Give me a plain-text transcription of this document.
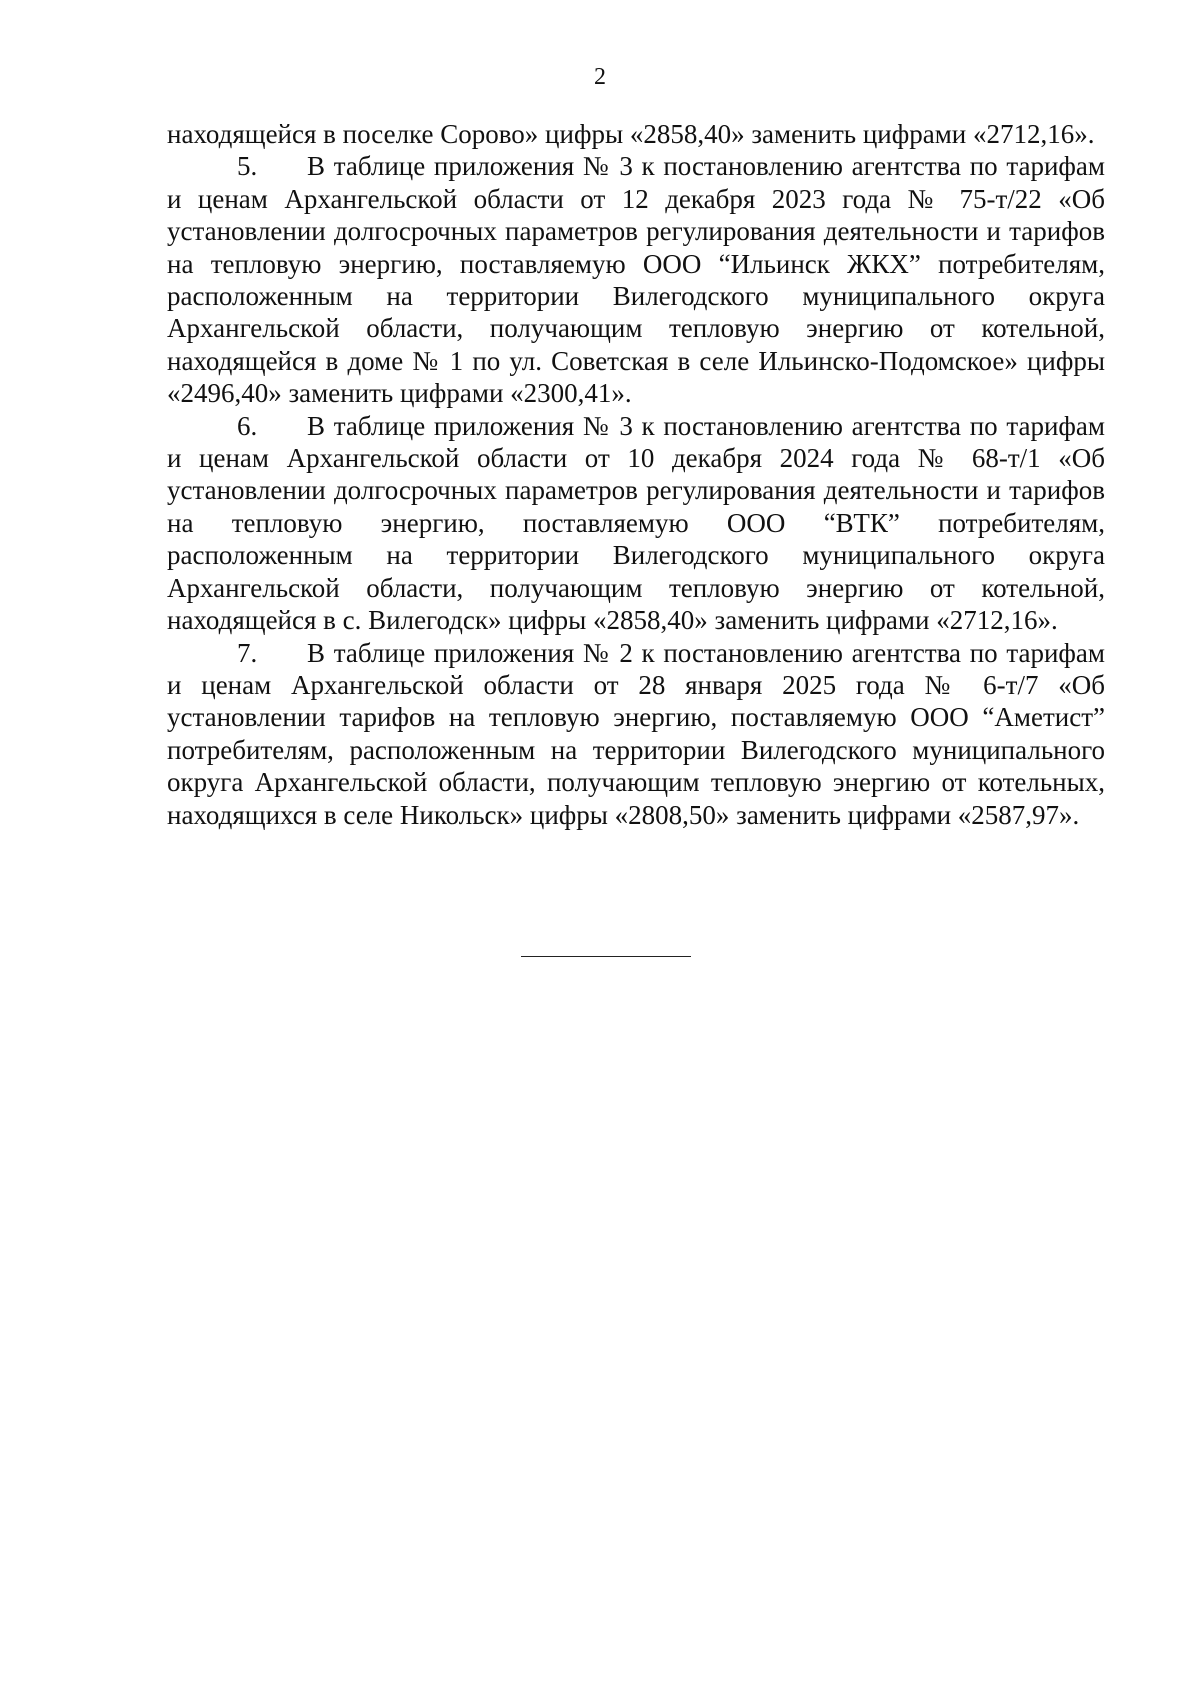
2

находящейся в поселке Сорово» цифры «2858,40» заменить цифрами «2712,16».

5. В таблице приложения № 3 к постановлению агентства по тарифам и ценам Архангельской области от 12 декабря 2023 года № 75-т/22 «Об установлении долгосрочных параметров регулирования деятельности и тарифов на тепловую энергию, поставляемую ООО “Ильинск ЖКХ” потребителям, расположенным на территории Вилегодского муниципального округа Архангельской области, получающим тепловую энергию от котельной, находящейся в доме № 1 по ул. Советская в селе Ильинско-Подомское» цифры «2496,40» заменить цифрами «2300,41».

6. В таблице приложения № 3 к постановлению агентства по тарифам и ценам Архангельской области от 10 декабря 2024 года № 68-т/1 «Об установлении долгосрочных параметров регулирования деятельности и тарифов на тепловую энергию, поставляемую ООО “ВТК” потребителям, расположенным на территории Вилегодского муниципального округа Архангельской области, получающим тепловую энергию от котельной, находящейся в с. Вилегодск» цифры «2858,40» заменить цифрами «2712,16».

7. В таблице приложения № 2 к постановлению агентства по тарифам и ценам Архангельской области от 28 января 2025 года № 6-т/7 «Об установлении тарифов на тепловую энергию, поставляемую ООО “Аметист” потребителям, расположенным на территории Вилегодского муниципального округа Архангельской области, получающим тепловую энергию от котельных, находящихся в селе Никольск» цифры «2808,50» заменить цифрами «2587,97».
